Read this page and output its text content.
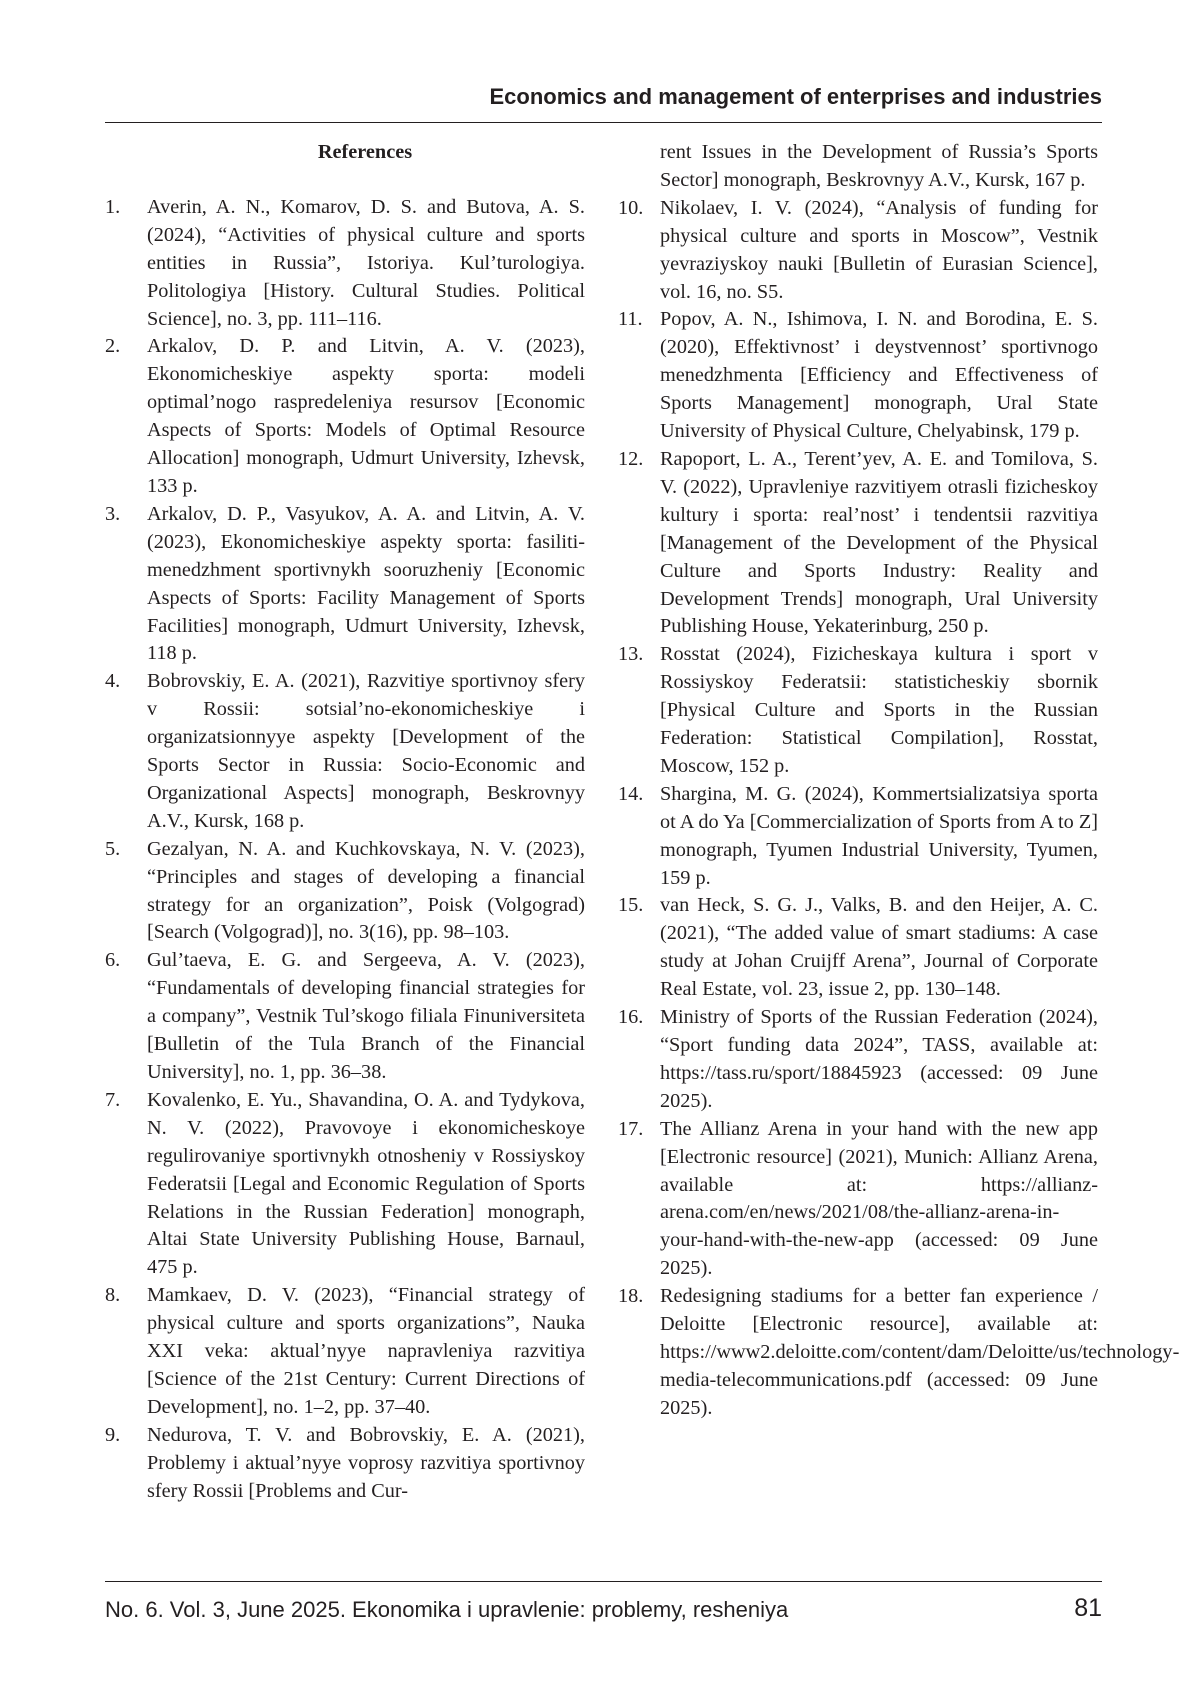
Economics and management of enterprises and industries
References
1. Averin, A. N., Komarov, D. S. and Butova, A. S. (2024), “Activities of physical culture and sports entities in Russia”, Istoriya. Kul’turologiya. Politologiya [History. Cultural Studies. Political Science], no. 3, pp. 111–116.
2. Arkalov, D. P. and Litvin, A. V. (2023), Ekonomicheskiye aspekty sporta: modeli optimal’nogo raspredeleniya resursov [Economic Aspects of Sports: Models of Optimal Resource Allocation] monograph, Udmurt University, Izhevsk, 133 p.
3. Arkalov, D. P., Vasyukov, A. A. and Litvin, A. V. (2023), Ekonomicheskiye aspekty sporta: fasiliti-menedzhment sportivnykh sooruzheniy [Economic Aspects of Sports: Facility Management of Sports Facilities] monograph, Udmurt University, Izhevsk, 118 p.
4. Bobrovskiy, E. A. (2021), Razvitiye sportivnoy sfery v Rossii: sotsial’no-ekonomicheskiye i organizatsionnyye aspekty [Development of the Sports Sector in Russia: Socio-Economic and Organizational Aspects] monograph, Beskrovnyy A.V., Kursk, 168 p.
5. Gezalyan, N. A. and Kuchkovskaya, N. V. (2023), “Principles and stages of developing a financial strategy for an organization”, Poisk (Volgograd) [Search (Volgograd)], no. 3(16), pp. 98–103.
6. Gul’taeva, E. G. and Sergeeva, A. V. (2023), “Fundamentals of developing financial strategies for a company”, Vestnik Tul’skogo filiala Finuniversiteta [Bulletin of the Tula Branch of the Financial University], no. 1, pp. 36–38.
7. Kovalenko, E. Yu., Shavandina, O. A. and Tydykova, N. V. (2022), Pravovoye i ekonomicheskoye regulirovaniye sportivnykh otnosheniy v Rossiyskoy Federatsii [Legal and Economic Regulation of Sports Relations in the Russian Federation] monograph, Altai State University Publishing House, Barnaul, 475 p.
8. Mamkaev, D. V. (2023), “Financial strategy of physical culture and sports organizations”, Nauka XXI veka: aktual’nyye napravleniya razvitiya [Science of the 21st Century: Current Directions of Development], no. 1–2, pp. 37–40.
9. Nedurova, T. V. and Bobrovskiy, E. A. (2021), Problemy i aktual’nyye voprosy razvitiya sportivnoy sfery Rossii [Problems and Cur-
rent Issues in the Development of Russia’s Sports Sector] monograph, Beskrovnyy A.V., Kursk, 167 p.
10. Nikolaev, I. V. (2024), “Analysis of funding for physical culture and sports in Moscow”, Vestnik yevraziyskoy nauki [Bulletin of Eurasian Science], vol. 16, no. S5.
11. Popov, A. N., Ishimova, I. N. and Borodina, E. S. (2020), Effektivnost’ i deystvennost’ sportivnogo menedzhmenta [Efficiency and Effectiveness of Sports Management] monograph, Ural State University of Physical Culture, Chelyabinsk, 179 p.
12. Rapoport, L. A., Terent’yev, A. E. and Tomilova, S. V. (2022), Upravleniye razvitiyem otrasli fizicheskoy kultury i sporta: real’nost’ i tendentsii razvitiya [Management of the Development of the Physical Culture and Sports Industry: Reality and Development Trends] monograph, Ural University Publishing House, Yekaterinburg, 250 p.
13. Rosstat (2024), Fizicheskaya kultura i sport v Rossiyskoy Federatsii: statisticheskiy sbornik [Physical Culture and Sports in the Russian Federation: Statistical Compilation], Rosstat, Moscow, 152 p.
14. Shargina, M. G. (2024), Kommertsializatsiya sporta ot A do Ya [Commercialization of Sports from A to Z] monograph, Tyumen Industrial University, Tyumen, 159 p.
15. van Heck, S. G. J., Valks, B. and den Heijer, A. C. (2021), “The added value of smart stadiums: A case study at Johan Cruijff Arena”, Journal of Corporate Real Estate, vol. 23, issue 2, pp. 130–148.
16. Ministry of Sports of the Russian Federation (2024), “Sport funding data 2024”, TASS, available at: https://tass.ru/sport/18845923 (accessed: 09 June 2025).
17. The Allianz Arena in your hand with the new app [Electronic resource] (2021), Munich: Allianz Arena, available at: https://allianz-arena.com/en/news/2021/08/the-allianz-arena-in-your-hand-with-the-new-app (accessed: 09 June 2025).
18. Redesigning stadiums for a better fan experience / Deloitte [Electronic resource], available at: https://www2.deloitte.com/content/dam/Deloitte/us/technology-media-telecommunications.pdf (accessed: 09 June 2025).
No. 6. Vol. 3, June 2025. Ekonomika i upravlenie: problemy, resheniya	81
